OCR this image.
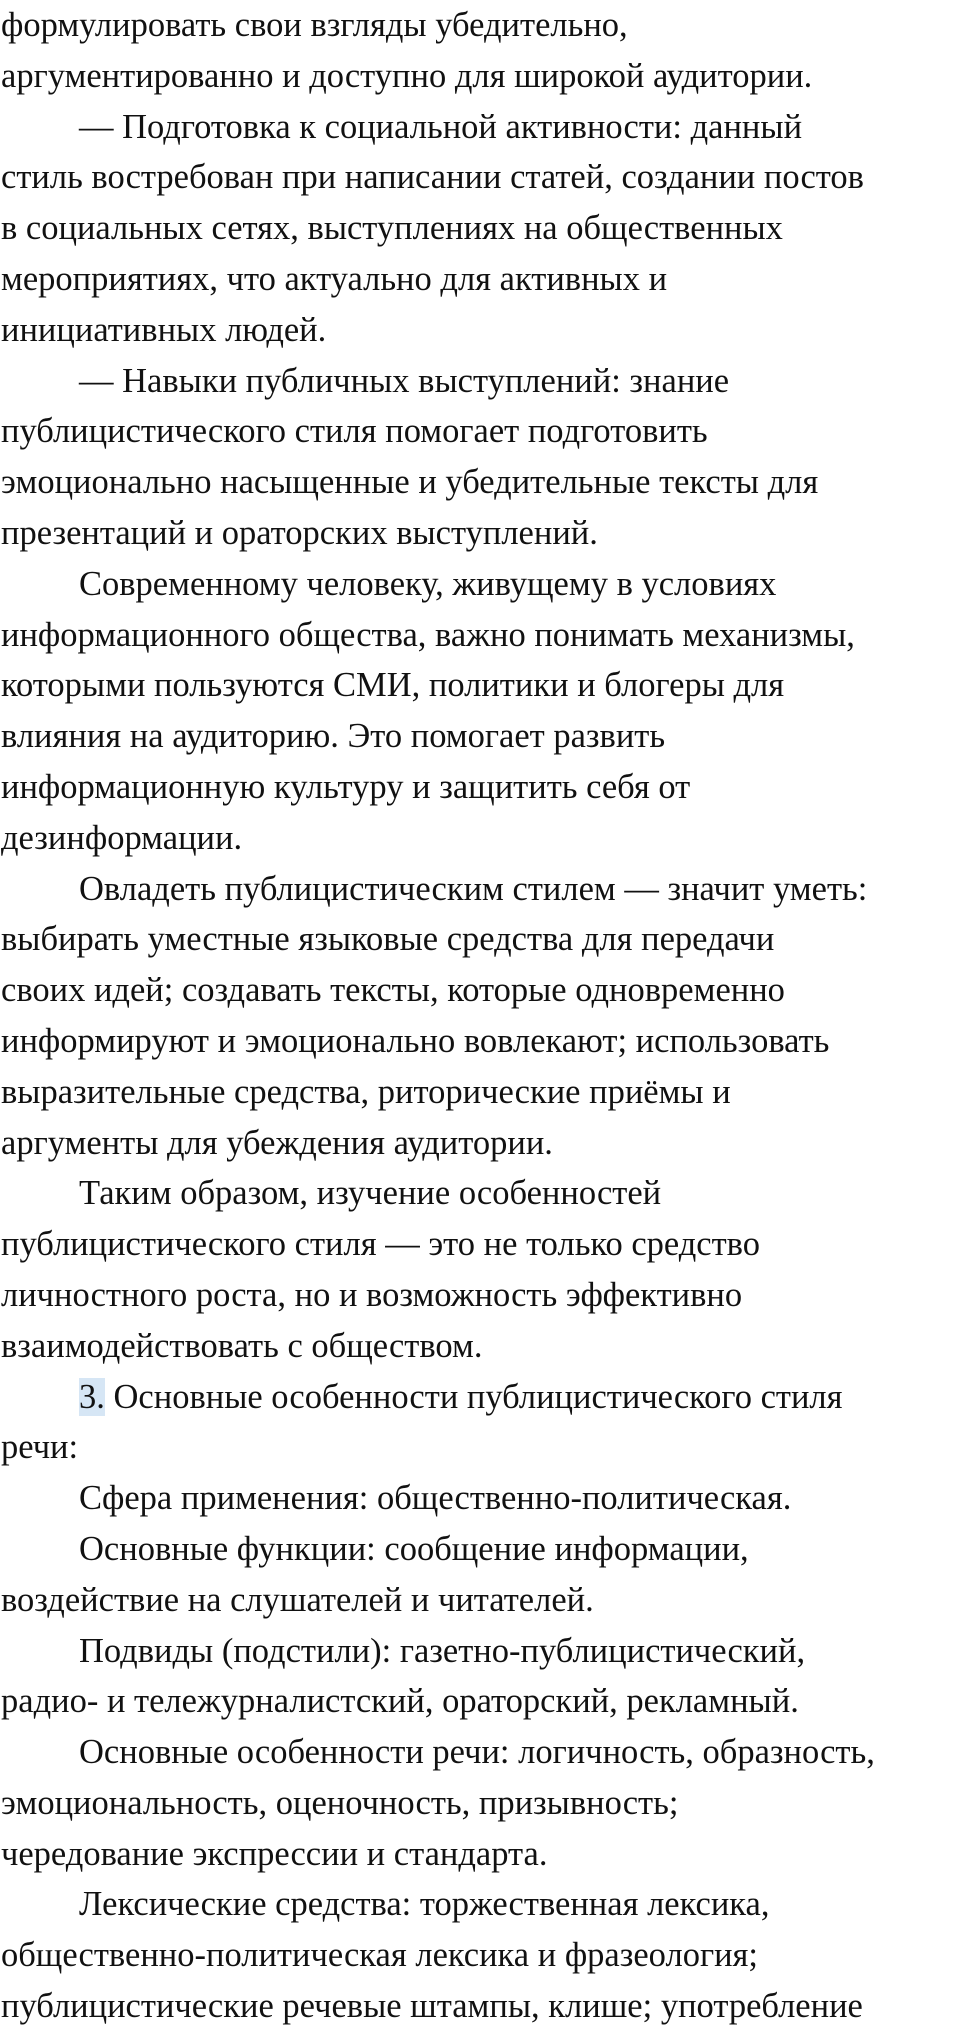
формулировать свои взгляды убедительно,
аргументированно и доступно для широкой аудитории.
— Подготовка к социальной активности: данный
стиль востребован при написании статей, создании постов
в социальных сетях, выступлениях на общественных
мероприятиях, что актуально для активных и
инициативных людей.
— Навыки публичных выступлений: знание
публицистического стиля помогает подготовить
эмоционально насыщенные и убедительные тексты для
презентаций и ораторских выступлений.
Современному человеку, живущему в условиях
информационного общества, важно понимать механизмы,
которыми пользуются СМИ, политики и блогеры для
влияния на аудиторию. Это помогает развить
информационную культуру и защитить себя от
дезинформации.
Овладеть публицистическим стилем — значит уметь:
выбирать уместные языковые средства для передачи
своих идей; создавать тексты, которые одновременно
информируют и эмоционально вовлекают; использовать
выразительные средства, риторические приёмы и
аргументы для убеждения аудитории.
Таким образом, изучение особенностей
публицистического стиля — это не только средство
личностного роста, но и возможность эффективно
взаимодействовать с обществом.
3. Основные особенности публицистического стиля
речи:
Сфера применения: общественно-политическая.
Основные функции: сообщение информации,
воздействие на слушателей и читателей.
Подвиды (подстили): газетно-публицистический,
радио- и тележурналистский, ораторский, рекламный.
Основные особенности речи: логичность, образность,
эмоциональность, оценочность, призывность;
чередование экспрессии и стандарта.
Лексические средства: торжественная лексика,
общественно-политическая лексика и фразеология;
публицистические речевые штампы, клише; употребление
